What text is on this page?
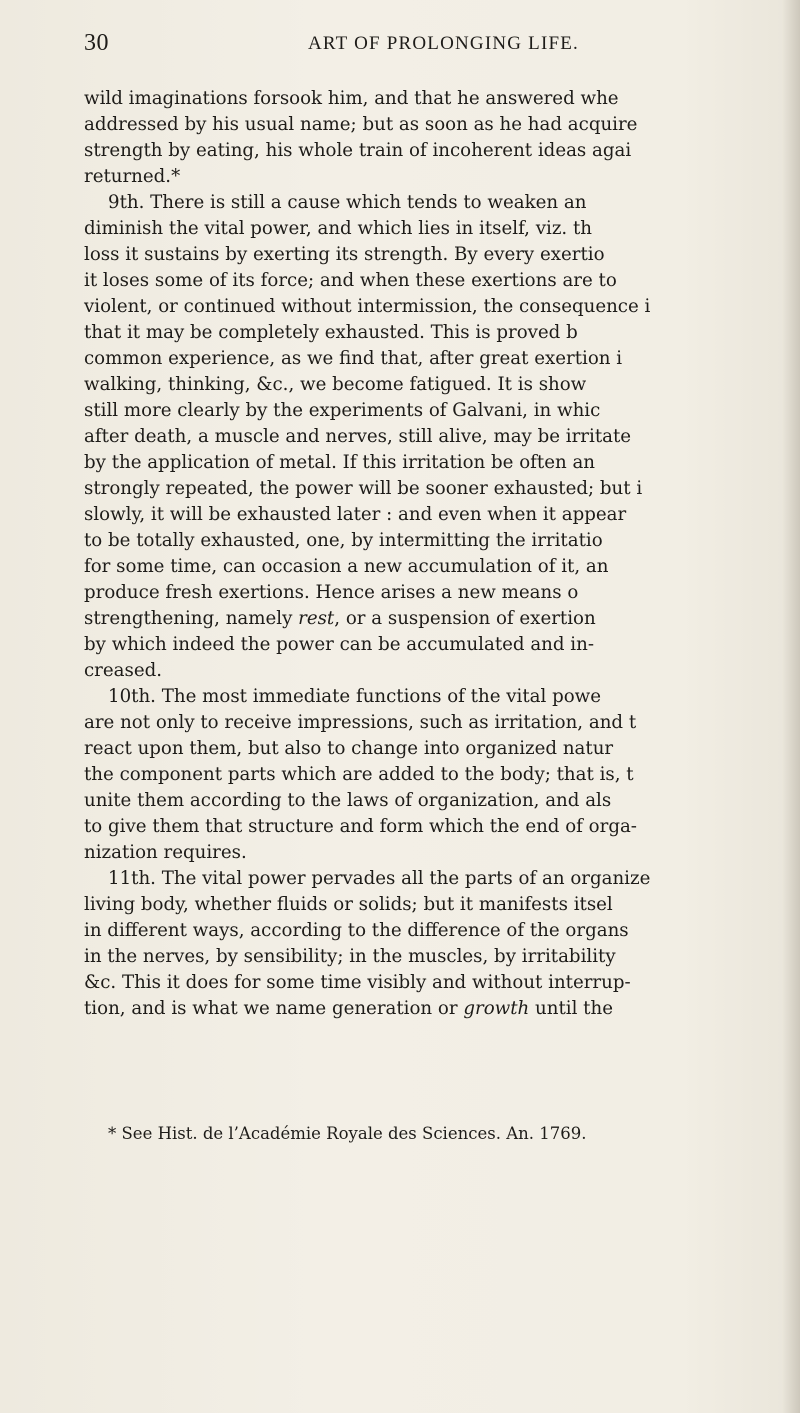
30	ART OF PROLONGING LIFE.
wild imaginations forsook him, and that he answered whe
addressed by his usual name; but as soon as he had acquire
strength by eating, his whole train of incoherent ideas agai
returned.*
9th. There is still a cause which tends to weaken an
diminish the vital power, and which lies in itself, viz. th
loss it sustains by exerting its strength. By every exertio
it loses some of its force; and when these exertions are to
violent, or continued without intermission, the consequence i
that it may be completely exhausted. This is proved b
common experience, as we find that, after great exertion i
walking, thinking, &c., we become fatigued. It is show
still more clearly by the experiments of Galvani, in whic
after death, a muscle and nerves, still alive, may be irritate
by the application of metal. If this irritation be often an
strongly repeated, the power will be sooner exhausted; but i
slowly, it will be exhausted later : and even when it appear
to be totally exhausted, one, by intermitting the irritatio
for some time, can occasion a new accumulation of it, an
produce fresh exertions. Hence arises a new means o
strengthening, namely rest, or a suspension of exertion
by which indeed the power can be accumulated and in-
creased.
10th. The most immediate functions of the vital powe
are not only to receive impressions, such as irritation, and t
react upon them, but also to change into organized natur
the component parts which are added to the body; that is, t
unite them according to the laws of organization, and als
to give them that structure and form which the end of orga-
nization requires.
11th. The vital power pervades all the parts of an organize
living body, whether fluids or solids; but it manifests itsel
in different ways, according to the difference of the organs
in the nerves, by sensibility; in the muscles, by irritability
&c. This it does for some time visibly and without interrup-
tion, and is what we name generation or growth until the
* See Hist. de l’Académie Royale des Sciences. An. 1769.
